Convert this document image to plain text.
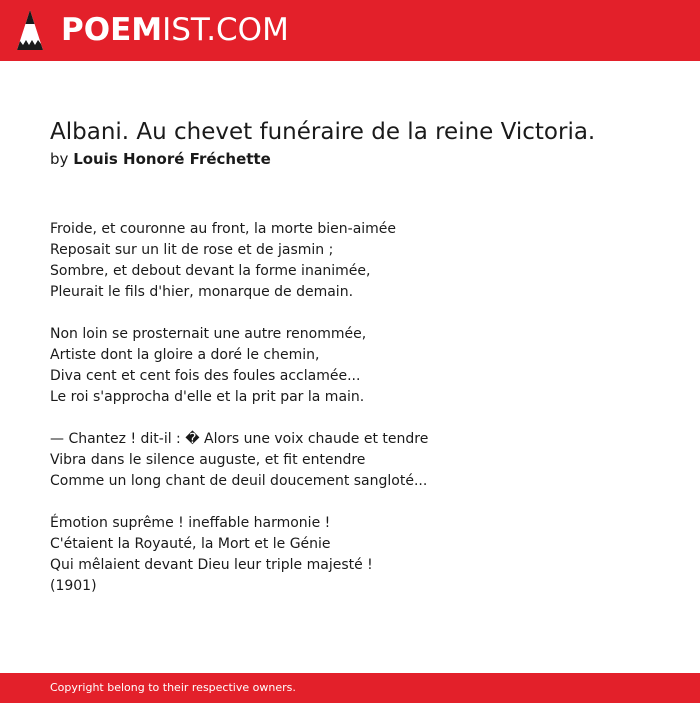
POEMIST.COM
Albani. Au chevet funéraire de la reine Victoria.
by Louis Honoré Fréchette
Froide, et couronne au front, la morte bien-aimée
Reposait sur un lit de rose et de jasmin ;
Sombre, et debout devant la forme inanimée,
Pleurait le fils d'hier, monarque de demain.
Non loin se prosternait une autre renommée,
Artiste dont la gloire a doré le chemin,
Diva cent et cent fois des foules acclamée...
Le roi s'approcha d'elle et la prit par la main.
— Chantez ! dit-il : � Alors une voix chaude et tendre
Vibra dans le silence auguste, et fit entendre
Comme un long chant de deuil doucement sangloté...
Émotion suprême ! ineffable harmonie !
C'étaient la Royauté, la Mort et le Génie
Qui mêlaient devant Dieu leur triple majesté !
(1901)
Copyright belong to their respective owners.
